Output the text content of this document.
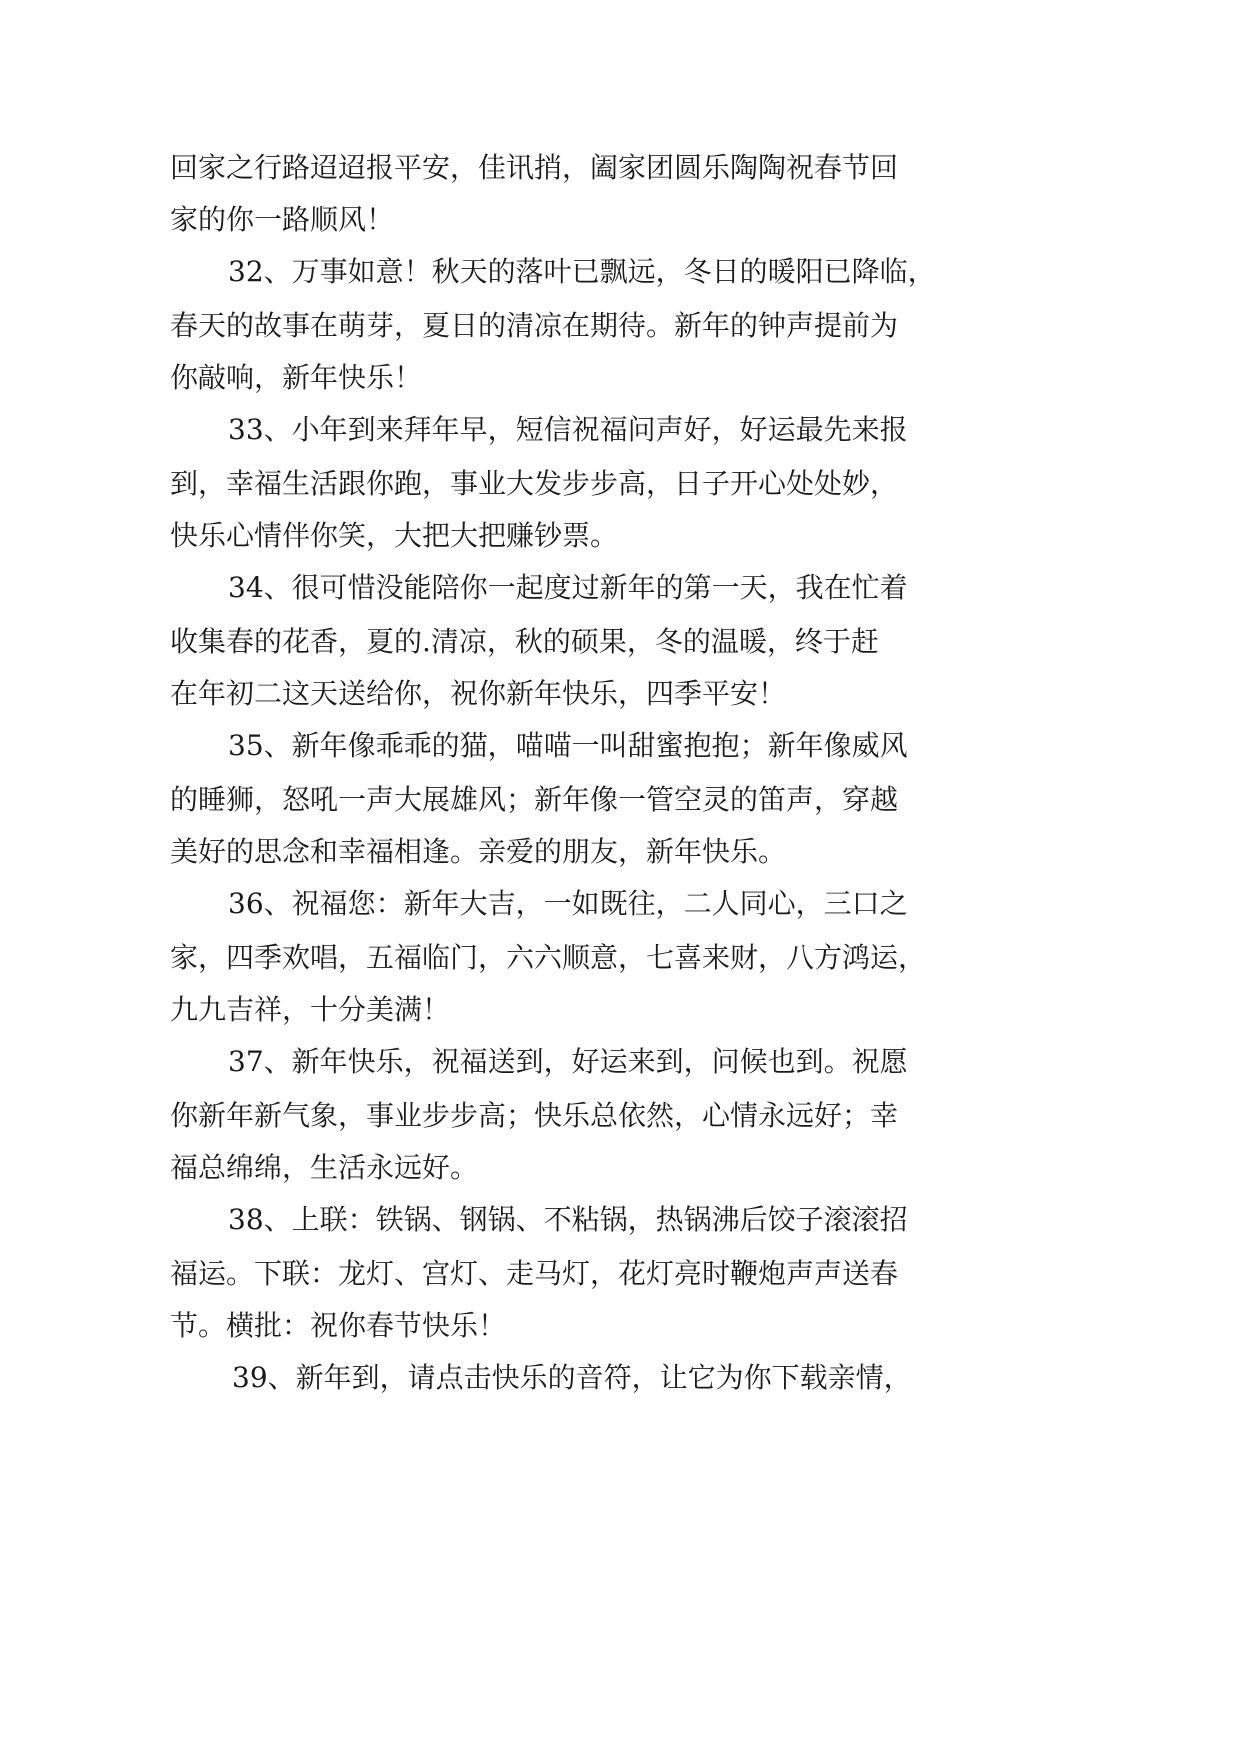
回家之行路迢迢报平安，佳讯捎，阖家团圆乐陶陶祝春节回
家的你一路顺风！
32、万事如意！秋天的落叶已飘远，冬日的暖阳已降临，
春天的故事在萌芽，夏日的清凉在期待。新年的钟声提前为
你敲响，新年快乐！
33、小年到来拜年早，短信祝福问声好，好运最先来报
到，幸福生活跟你跑，事业大发步步高，日子开心处处妙，
快乐心情伴你笑，大把大把赚钞票。
34、很可惜没能陪你一起度过新年的第一天，我在忙着
收集春的花香，夏的.清凉，秋的硕果，冬的温暖，终于赶
在年初二这天送给你，祝你新年快乐，四季平安！
35、新年像乖乖的猫，喵喵一叫甜蜜抱抱；新年像威风
的睡狮，怒吼一声大展雄风；新年像一管空灵的笛声，穿越
美好的思念和幸福相逢。亲爱的朋友，新年快乐。
36、祝福您：新年大吉，一如既往，二人同心，三口之
家，四季欢唱，五福临门，六六顺意，七喜来财，八方鸿运，
九九吉祥，十分美满！
37、新年快乐，祝福送到，好运来到，问候也到。祝愿
你新年新气象，事业步步高；快乐总依然，心情永远好；幸
福总绵绵，生活永远好。
38、上联：铁锅、钢锅、不粘锅，热锅沸后饺子滚滚招
福运。下联：龙灯、宫灯、走马灯，花灯亮时鞭炮声声送春
节。横批：祝你春节快乐！
39、新年到，请点击快乐的音符，让它为你下载亲情，
